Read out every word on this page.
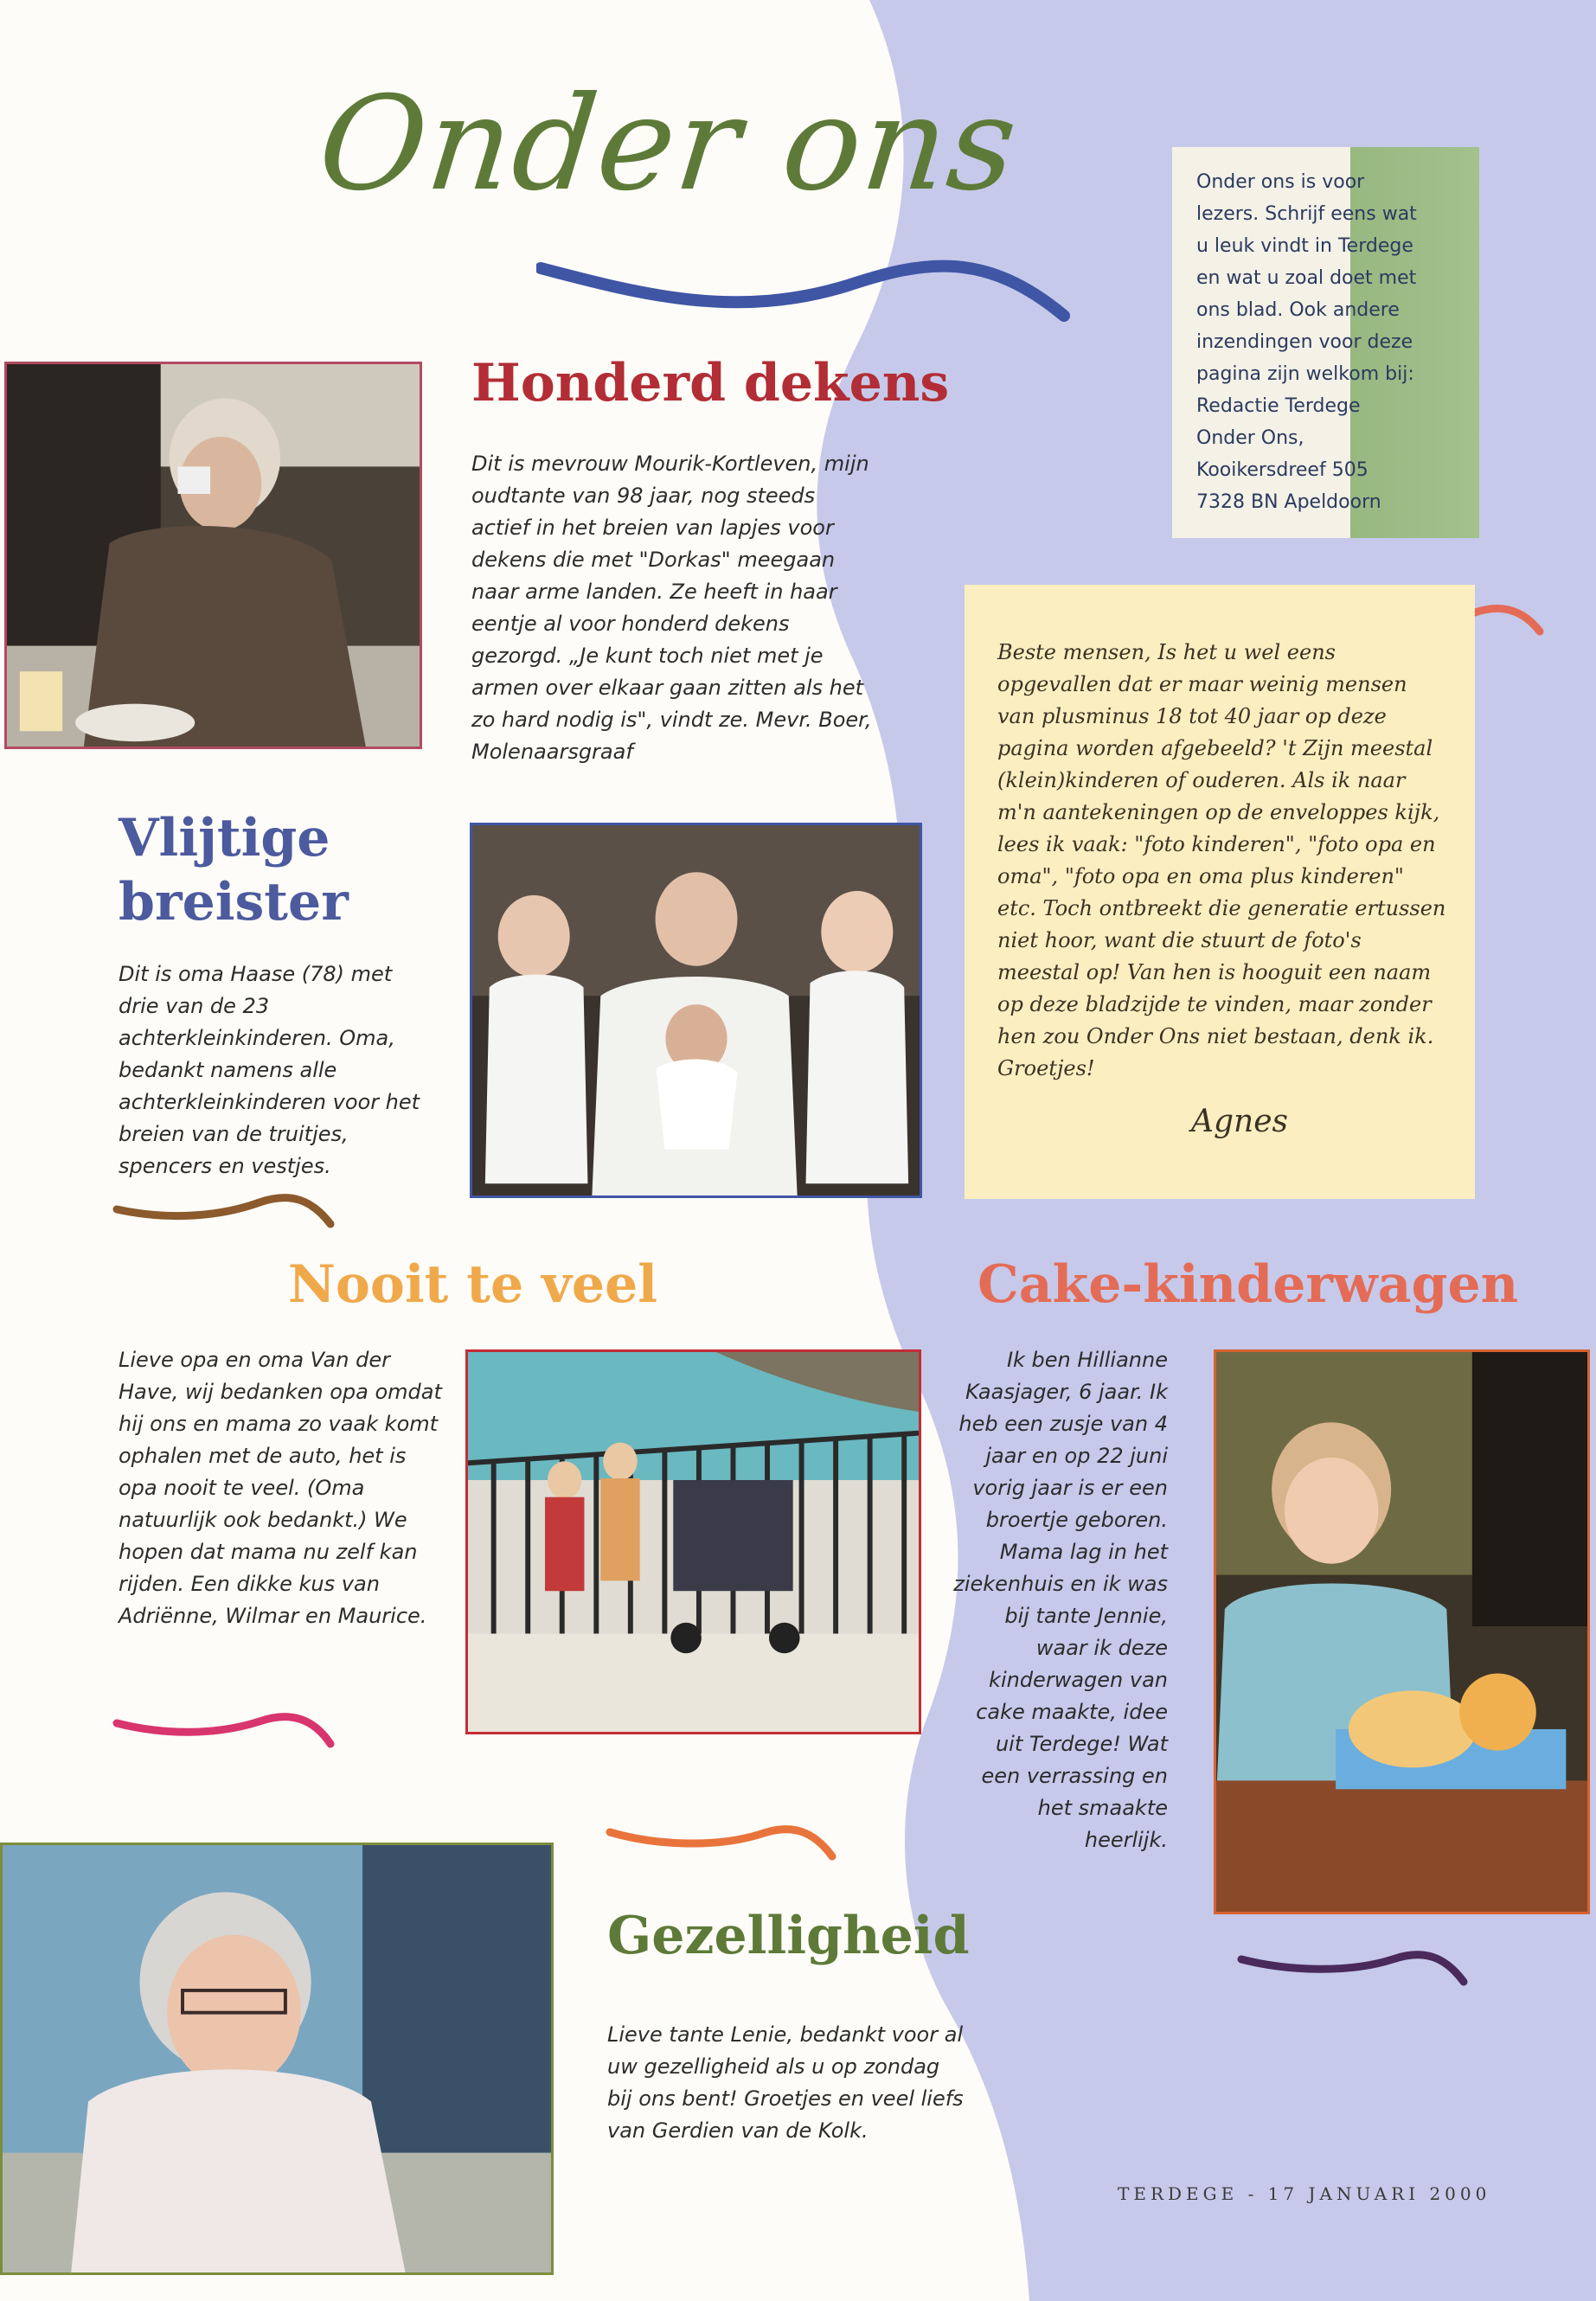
Onder ons	Onder ons is voor
lezers. Schrijf eens wat
u leuk vindt in Terdege
en wat u zoal doet met
ons blad. Ook andere
inzendingen voor deze
pagina zijn welkom bij:
Redactie Terdege
Onder Ons,
Kooikersdreef 505
7328 BN Apeldoorn
Honderd dekens
Dit is mevrouw Mourik-Kortleven, mijn oudtante van 98 jaar, nog steeds actief in het breien van lapjes voor dekens die met "Dorkas" meegaan naar arme landen. Ze heeft in haar eentje al voor honderd dekens gezorgd. „Je kunt toch niet met je armen over elkaar gaan zitten als het zo hard nodig is", vindt ze. Mevr. Boer, Molenaarsgraaf
Beste mensen, Is het u wel eens opgevallen dat er maar weinig mensen van plusminus 18 tot 40 jaar op deze pagina worden afgebeeld? 't Zijn meestal (klein)kinderen of ouderen. Als ik naar m'n aantekeningen op de enveloppes kijk, lees ik vaak: "foto kinderen", "foto opa en oma", "foto opa en oma plus kinderen" etc. Toch ontbreekt die generatie ertussen niet hoor, want die stuurt de foto's meestal op! Van hen is hooguit een naam op deze bladzijde te vinden, maar zonder hen zou Onder Ons niet bestaan, denk ik. Groetjes!
Agnes
Vlijtige
breister
Dit is oma Haase (78) met drie van de 23 achterkleinkinderen. Oma, bedankt namens alle achterkleinkinderen voor het breien van de truitjes, spencers en vestjes.
Nooit te veel
Lieve opa en oma Van der Have, wij bedanken opa omdat hij ons en mama zo vaak komt ophalen met de auto, het is opa nooit te veel. (Oma natuurlijk ook bedankt.) We hopen dat mama nu zelf kan rijden. Een dikke kus van Adriënne, Wilmar en Maurice.
Cake-kinderwagen
Ik ben Hillianne Kaasjager, 6 jaar. Ik heb een zusje van 4 jaar en op 22 juni vorig jaar is er een broertje geboren. Mama lag in het ziekenhuis en ik was bij tante Jennie, waar ik deze kinderwagen van cake maakte, idee uit Terdege! Wat een verrassing en het smaakte heerlijk.
Gezelligheid
Lieve tante Lenie, bedankt voor al uw gezelligheid als u op zondag bij ons bent! Groetjes en veel liefs van Gerdien van de Kolk.
TERDEGE - 17 JANUARI 2000
